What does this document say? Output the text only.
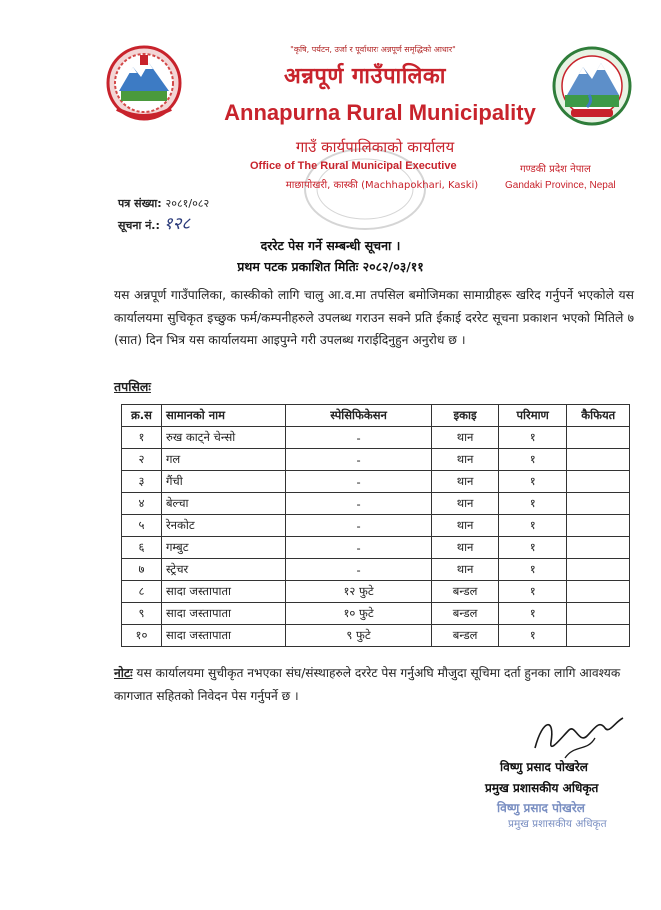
"कृषि, पर्यटन, उर्जा र पूर्वाधारः अन्नपूर्ण समृद्धिको आधार"
अन्नपूर्ण गाउँपालिका
Annapurna Rural Municipality
गाउँ कार्यपालिकाको कार्यालय
Office of The Rural Municipal Executive
माछापोखरी, कास्की (Machhapokhari, Kaski)
गण्डकी प्रदेश नेपाल
Gandaki Province, Nepal
पत्र संख्या: २०८१/०८२
सूचना नं.: १२८
दररेट पेस गर्ने सम्बन्धी सूचना ।
प्रथम पटक प्रकाशित मितिः २०८२/०३/११
यस अन्नपूर्ण गाउँपालिका, कास्कीको लागि चालु आ.व.मा तपसिल बमोजिमका सामाग्रीहरू खरिद गर्नुपर्ने भएकोले यस कार्यालयमा सुचिकृत इच्छुक फर्म/कम्पनीहरुले उपलब्ध गराउन सक्ने प्रति ईकाई दररेट सूचना प्रकाशन भएको मितिले ७ (सात) दिन भित्र यस कार्यालयमा आइपुग्ने गरी उपलब्ध गराईदिनुहुन अनुरोध छ ।
तपसिलः
क्र.स	सामानको नाम	स्पेसिफिकेसन	इकाइ	परिमाण	कैफियत
१	रुख काट्ने चेन्सो	-	थान	१	
२	गल	-	थान	१	
३	गैंची	-	थान	१	
४	बेल्चा	-	थान	१	
५	रेनकोट	-	थान	१	
६	गम्बुट	-	थान	१	
७	स्ट्रेचर	-	थान	१	
८	सादा जस्तापाता	१२ फुटे	बन्डल	१	
९	सादा जस्तापाता	१० फुटे	बन्डल	१	
१०	सादा जस्तापाता	९ फुटे	बन्डल	१	
नोटः यस कार्यालयमा सुचीकृत नभएका संघ/संस्थाहरुले दररेट पेस गर्नुअघि मौजुदा सूचिमा दर्ता हुनका लागि आवश्यक कागजात सहितको निवेदन पेस गर्नुपर्ने छ ।
विष्णु प्रसाद पोखरेल
प्रमुख प्रशासकीय अधिकृत
विष्णु प्रसाद पोखरेल
प्रमुख प्रशासकीय अधिकृत
